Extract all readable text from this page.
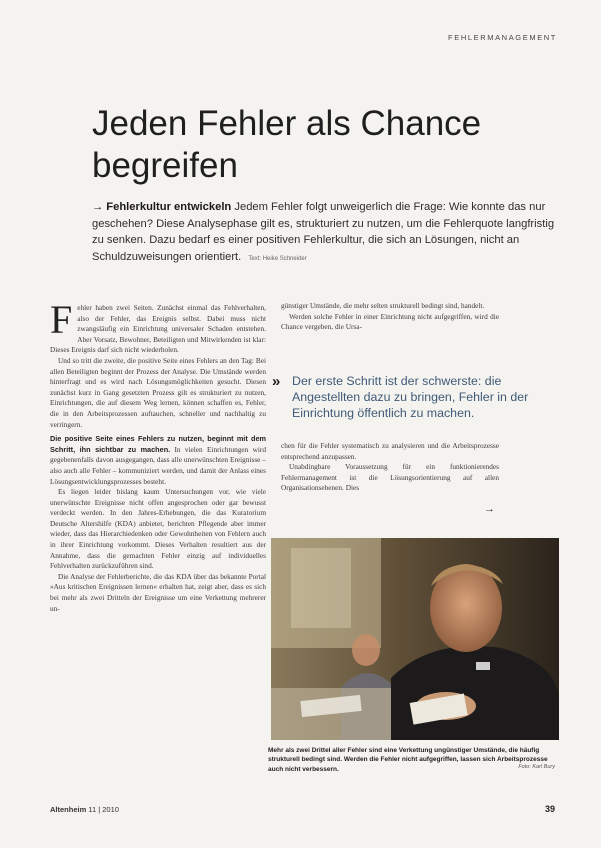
FEHLERMANAGEMENT
Jeden Fehler als Chance begreifen
→ Fehlerkultur entwickeln Jedem Fehler folgt unweigerlich die Frage: Wie konnte das nur geschehen? Diese Analysephase gilt es, strukturiert zu nutzen, um die Fehlerquote langfristig zu senken. Dazu bedarf es einer positiven Fehlerkultur, die sich an Lösungen, nicht an Schuldzuweisungen orientiert. Text: Heike Schneider

Fehler haben zwei Seiten. Zunächst einmal das Fehlverhalten, also der Fehler, das Ereignis selbst. Dabei muss nicht zwangsläufig ein Einrichtung universaler Schaden entstehen. Aber Vorsatz, Bewohner, Beteiligten und Mitwirkenden ist klar: Dieses Ereignis darf sich nicht wiederholen.

Und so tritt die zweite, die positive Seite eines Fehlers an den Tag: Bei allen Beteiligten beginnt der Prozess der Analyse. Die Umstände werden hinterfragt und es wird nach Lösungsmöglichkeiten gesucht. Diesen zunächst kurz in Gang gesetzten Prozess gilt es strukturiert zu nutzen, Einrichtungen, die auf diesem Weg lernen, können schaffen es, Fehler, die in den Arbeitsprozessen auftauchen, schneller und nachhaltig zu verringern.

Die positive Seite eines Fehlers zu nutzen, beginnt mit dem Schritt, ihn sichtbar zu machen. In vielen Einrichtungen wird gegebenenfalls davon ausgegangen, dass alle unerwünschten Ereignisse – also auch alle Fehler – kommuniziert werden, und damit der Anlass eines Lösungsentwicklungsprozesses besteht.

Es liegen leider bislang kaum Untersuchungen vor, wie viele unerwünschte Ereignisse nicht offen angesprochen oder gar bewusst verdeckt werden. In den Jahres-Erhebungen, die das Kuratorium Deutsche Altershilfe (KDA) anbietet, berichten Pflegende aber immer wieder, dass das Hierarchiedenken oder Gewohnheiten von Fehlern auch in ihrer Einrichtung vorkommt. Dieses Verhalten resultiert aus der Annahme, dass die gemachten Fehler einzig auf individuelles Fehlverhalten zurückzuführen sind.

Die Analyse der Fehlerberichte, die das KDA über das bekannte Portal »Aus kritischen Ereignissen lernen« erhalten hat, zeigt aber, dass es sich bei mehr als zwei Dritteln der Ereignisse um eine Verkettung mehrerer un-

günstiger Umstände, die mehr selten strukturell bedingt sind, handelt.

Werden solche Fehler in einer Einrichtung nicht aufgegriffen, wird die Chance vergeben, die Ursa-

» Der erste Schritt ist der schwerste: die Angestellten dazu zu bringen, Fehler in der Einrichtung öffentlich zu machen.

chen für die Fehler systematisch zu analysieren und die Arbeitsprozesse entsprechend anzupassen.

Unabdingbare Voraussetzung für ein funktionierendes Fehlermanagement ist die Lösungsorientierung auf allen Organisationsebenen. Dies

→
Mehr als zwei Drittel aller Fehler sind eine Verkettung ungünstiger Umstände, die häufig strukturell bedingt sind. Werden die Fehler nicht aufgegriffen, lassen sich Arbeitsprozesse auch nicht verbessern.	Foto: Karl Bury
Altenheim 11 | 2010	39
